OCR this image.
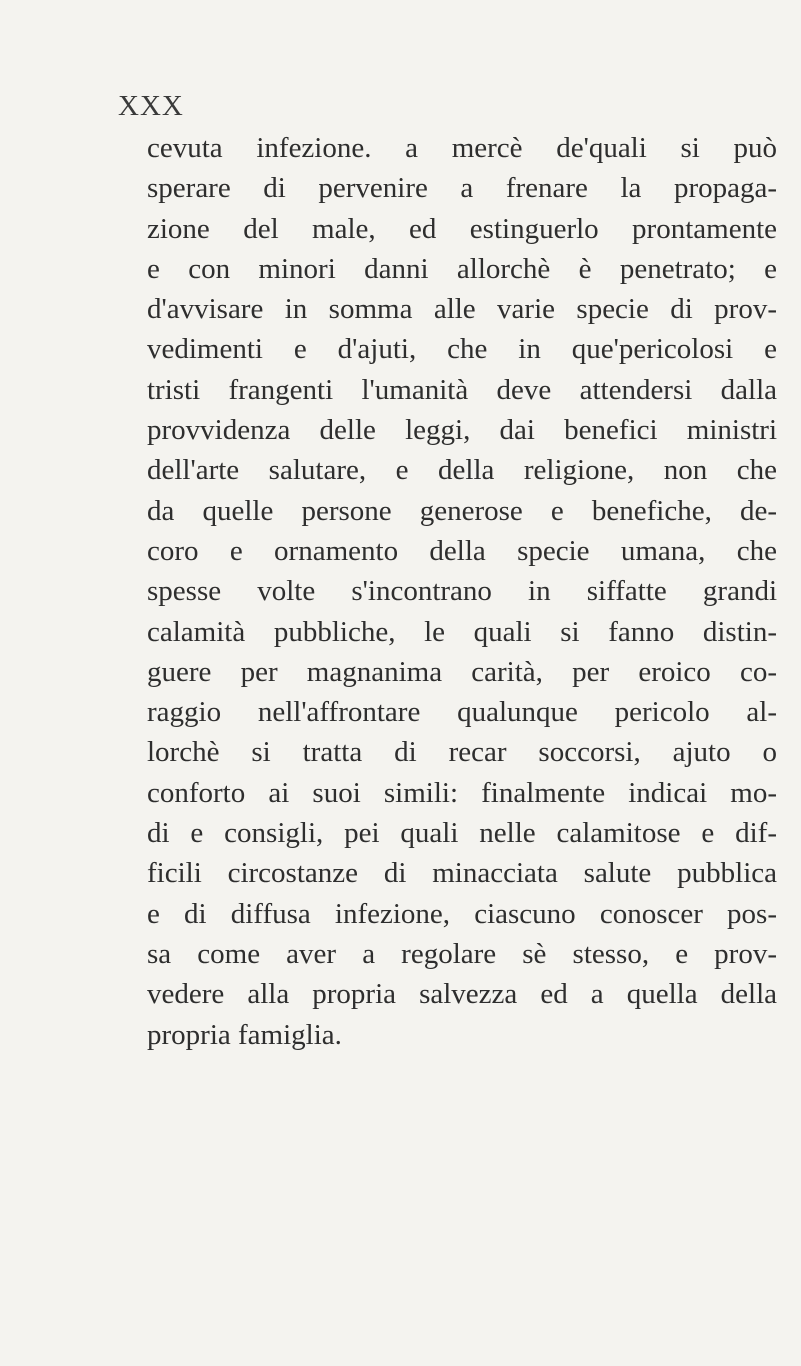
XXX
cevuta infezione. a mercè de'quali si può
sperare di pervenire a frenare la propaga-
zione del male, ed estinguerlo prontamente
e con minori danni allorchè è penetrato; e
d'avvisare in somma alle varie specie di prov-
vedimenti e d'ajuti, che in que'pericolosi e
tristi frangenti l'umanità deve attendersi dalla
provvidenza delle leggi, dai benefici ministri
dell'arte salutare, e della religione, non che
da quelle persone generose e benefiche, de-
coro e ornamento della specie umana, che
spesse volte s'incontrano in siffatte grandi
calamità pubbliche, le quali si fanno distin-
guere per magnanima carità, per eroico co-
raggio nell'affrontare qualunque pericolo al-
lorchè si tratta di recar soccorsi, ajuto o
conforto ai suoi simili: finalmente indicai mo-
di e consigli, pei quali nelle calamitose e dif-
ficili circostanze di minacciata salute pubblica
e di diffusa infezione, ciascuno conoscer pos-
sa come aver a regolare sè stesso, e prov-
vedere alla propria salvezza ed a quella della
propria famiglia.
